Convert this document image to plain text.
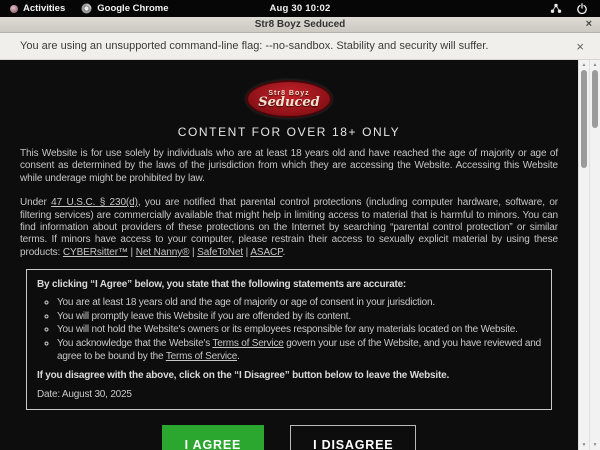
Activities	Google Chrome	Aug 30 10:02
Str8 Boyz Seduced	×
You are using an unsupported command-line flag: --no-sandbox. Stability and security will suffer.	×
Str8 Boyz
Seduced
CONTENT FOR OVER 18+ ONLY

This Website is for use solely by individuals who are at least 18 years old and have reached the age of majority or age of consent as determined by the laws of the jurisdiction from which they are accessing the Website. Accessing this Website while underage might be prohibited by law.

Under 47 U.S.C. § 230(d), you are notified that parental control protections (including computer hardware, software, or filtering services) are commercially available that might help in limiting access to material that is harmful to minors. You can find information about providers of these protections on the Internet by searching “parental control protection” or similar terms. If minors have access to your computer, please restrain their access to sexually explicit material by using these products: CYBERsitter™ | Net Nanny® | SafeToNet | ASACP.

By clicking “I Agree” below, you state that the following statements are accurate:
◦ You are at least 18 years old and the age of majority or age of consent in your jurisdiction.
◦ You will promptly leave this Website if you are offended by its content.
◦ You will not hold the Website's owners or its employees responsible for any materials located on the Website.
◦ You acknowledge that the Website's Terms of Service govern your use of the Website, and you have reviewed and agree to be bound by the Terms of Service.
If you disagree with the above, click on the “I Disagree” button below to leave the Website.
Date: August 30, 2025
I AGREE	I DISAGREE
▲
▼
▲
▼
